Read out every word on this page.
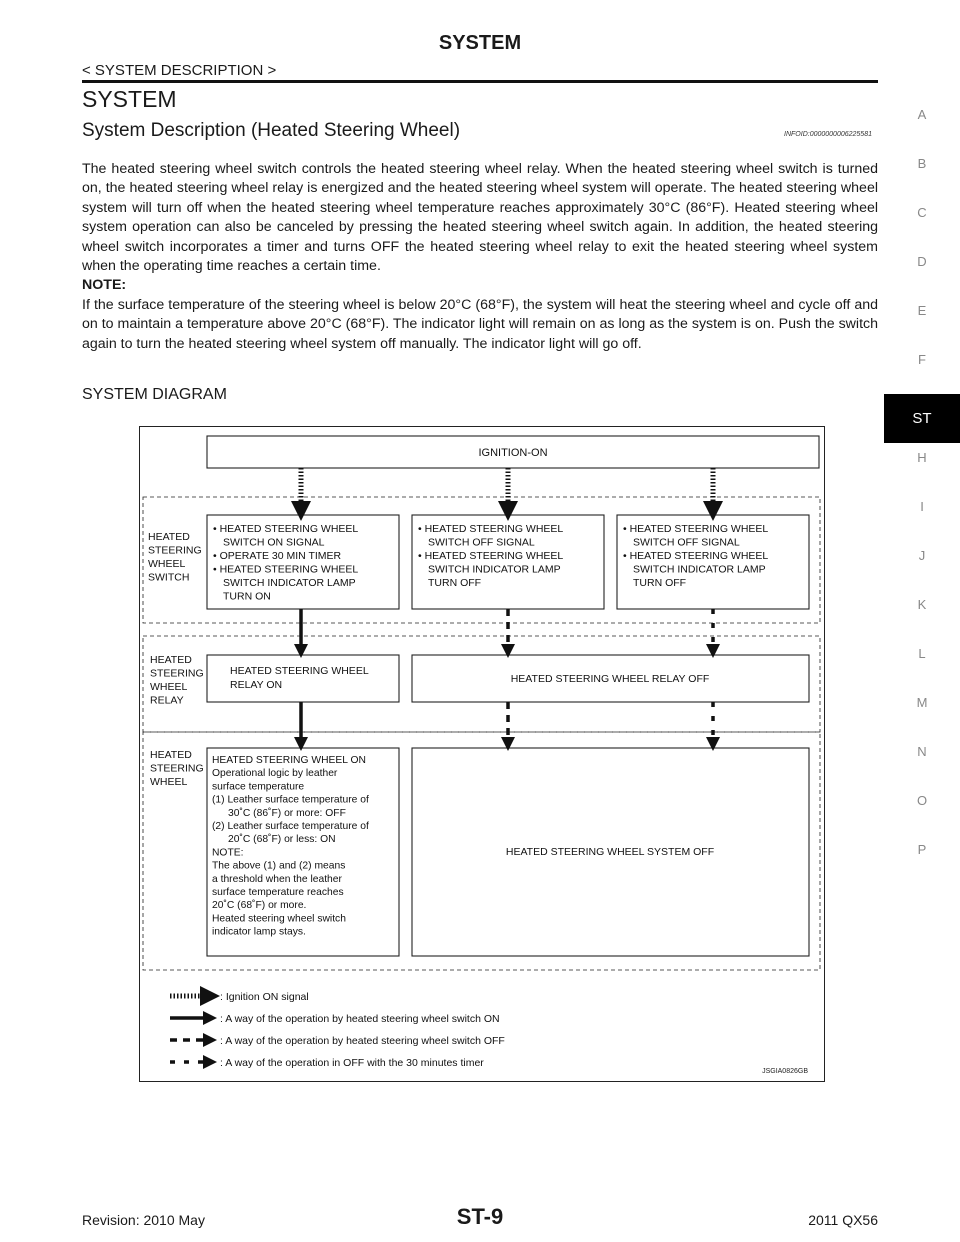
SYSTEM
< SYSTEM DESCRIPTION >
SYSTEM
System Description (Heated Steering Wheel)	INFOID:0000000006225581

The heated steering wheel switch controls the heated steering wheel relay. When the heated steering wheel switch is turned on, the heated steering wheel relay is energized and the heated steering wheel system will operate. The heated steering wheel system will turn off when the heated steering wheel temperature reaches approximately 30°C (86°F). Heated steering wheel system operation can also be canceled by pressing the heated steering wheel switch again. In addition, the heated steering wheel switch incorporates a timer and turns OFF the heated steering wheel relay to exit the heated steering wheel system when the operating time reaches a certain time.

NOTE:

If the surface temperature of the steering wheel is below 20°C (68°F), the system will heat the steering wheel and cycle off and on to maintain a temperature above 20°C (68°F). The indicator light will remain on as long as the system is on. Push the switch again to turn the heated steering wheel system off manually. The indicator light will go off.

SYSTEM DIAGRAM
IGNITION-ON
HEATED
STEERING
WHEEL
SWITCH
HEATED
STEERING
WHEEL
RELAY
HEATED
STEERING
WHEEL
• HEATED STEERING WHEEL
SWITCH ON SIGNAL
• OPERATE 30 MIN TIMER
• HEATED STEERING WHEEL
SWITCH INDICATOR LAMP
TURN ON
• HEATED STEERING WHEEL
SWITCH OFF SIGNAL
• HEATED STEERING WHEEL
SWITCH INDICATOR LAMP
TURN OFF
• HEATED STEERING WHEEL
SWITCH OFF SIGNAL
• HEATED STEERING WHEEL
SWITCH INDICATOR LAMP
TURN OFF
HEATED STEERING WHEEL
RELAY ON
HEATED STEERING WHEEL RELAY OFF
HEATED STEERING WHEEL ON
Operational logic by leather
surface temperature
(1) Leather surface temperature of
30˚C (86˚F) or more: OFF
(2) Leather surface temperature of
20˚C (68˚F) or less: ON
NOTE:
The above (1) and (2) means
a threshold when the leather
surface temperature reaches
20˚C (68˚F) or more.
Heated steering wheel switch
indicator lamp stays.
HEATED STEERING WHEEL SYSTEM OFF
: Ignition ON signal
: A way of the operation by heated steering wheel switch ON
: A way of the operation by heated steering wheel switch OFF
: A way of the operation in OFF with the 30 minutes timer
JSGIA0826GB
A
B
C
D
E
F
ST
H
I
J
K
L
M
N
O
P
Revision: 2010 May	ST-9	2011 QX56
